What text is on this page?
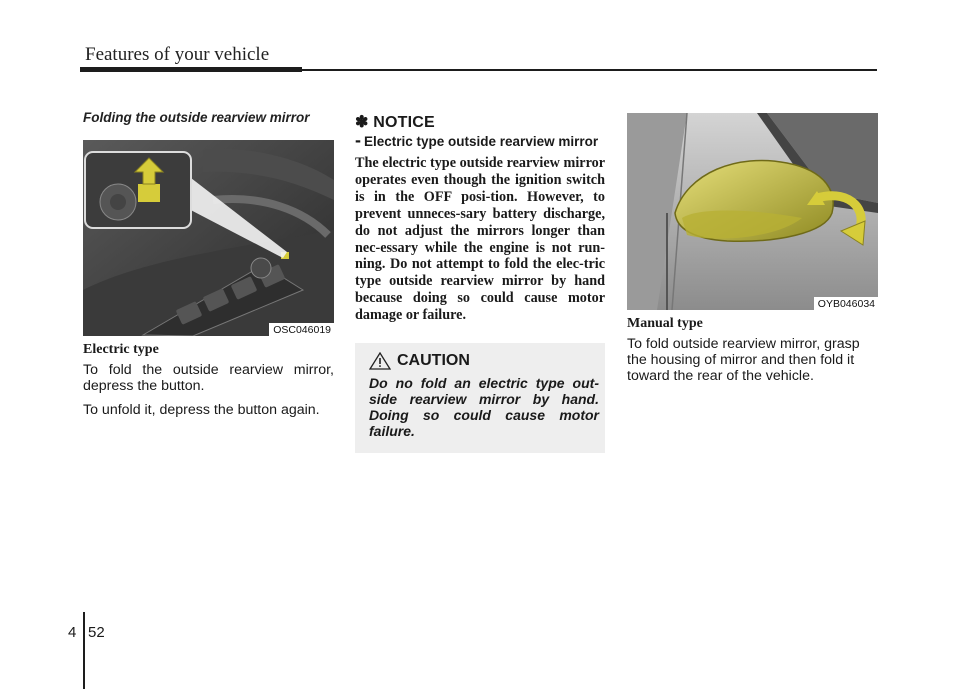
Features of your vehicle

Folding the outside rearview mirror

OSC046019

Electric type

To fold the outside rearview mirror, depress the button.

To unfold it, depress the button again.

✽ NOTICE

- Electric type outside rearview mirror

The electric type outside rearview mirror operates even though the ignition switch is in the OFF posi-tion. However, to prevent unneces-sary battery discharge, do not adjust the mirrors longer than nec-essary while the engine is not run-ning. Do not attempt to fold the elec-tric type outside rearview mirror by hand because doing so could cause motor damage or failure.

CAUTION

Do no fold an electric type out-side rearview mirror by hand. Doing so could cause motor failure.

OYB046034

Manual type

To fold outside rearview mirror, grasp the housing of mirror and then fold it toward the rear of the vehicle.

4 52
